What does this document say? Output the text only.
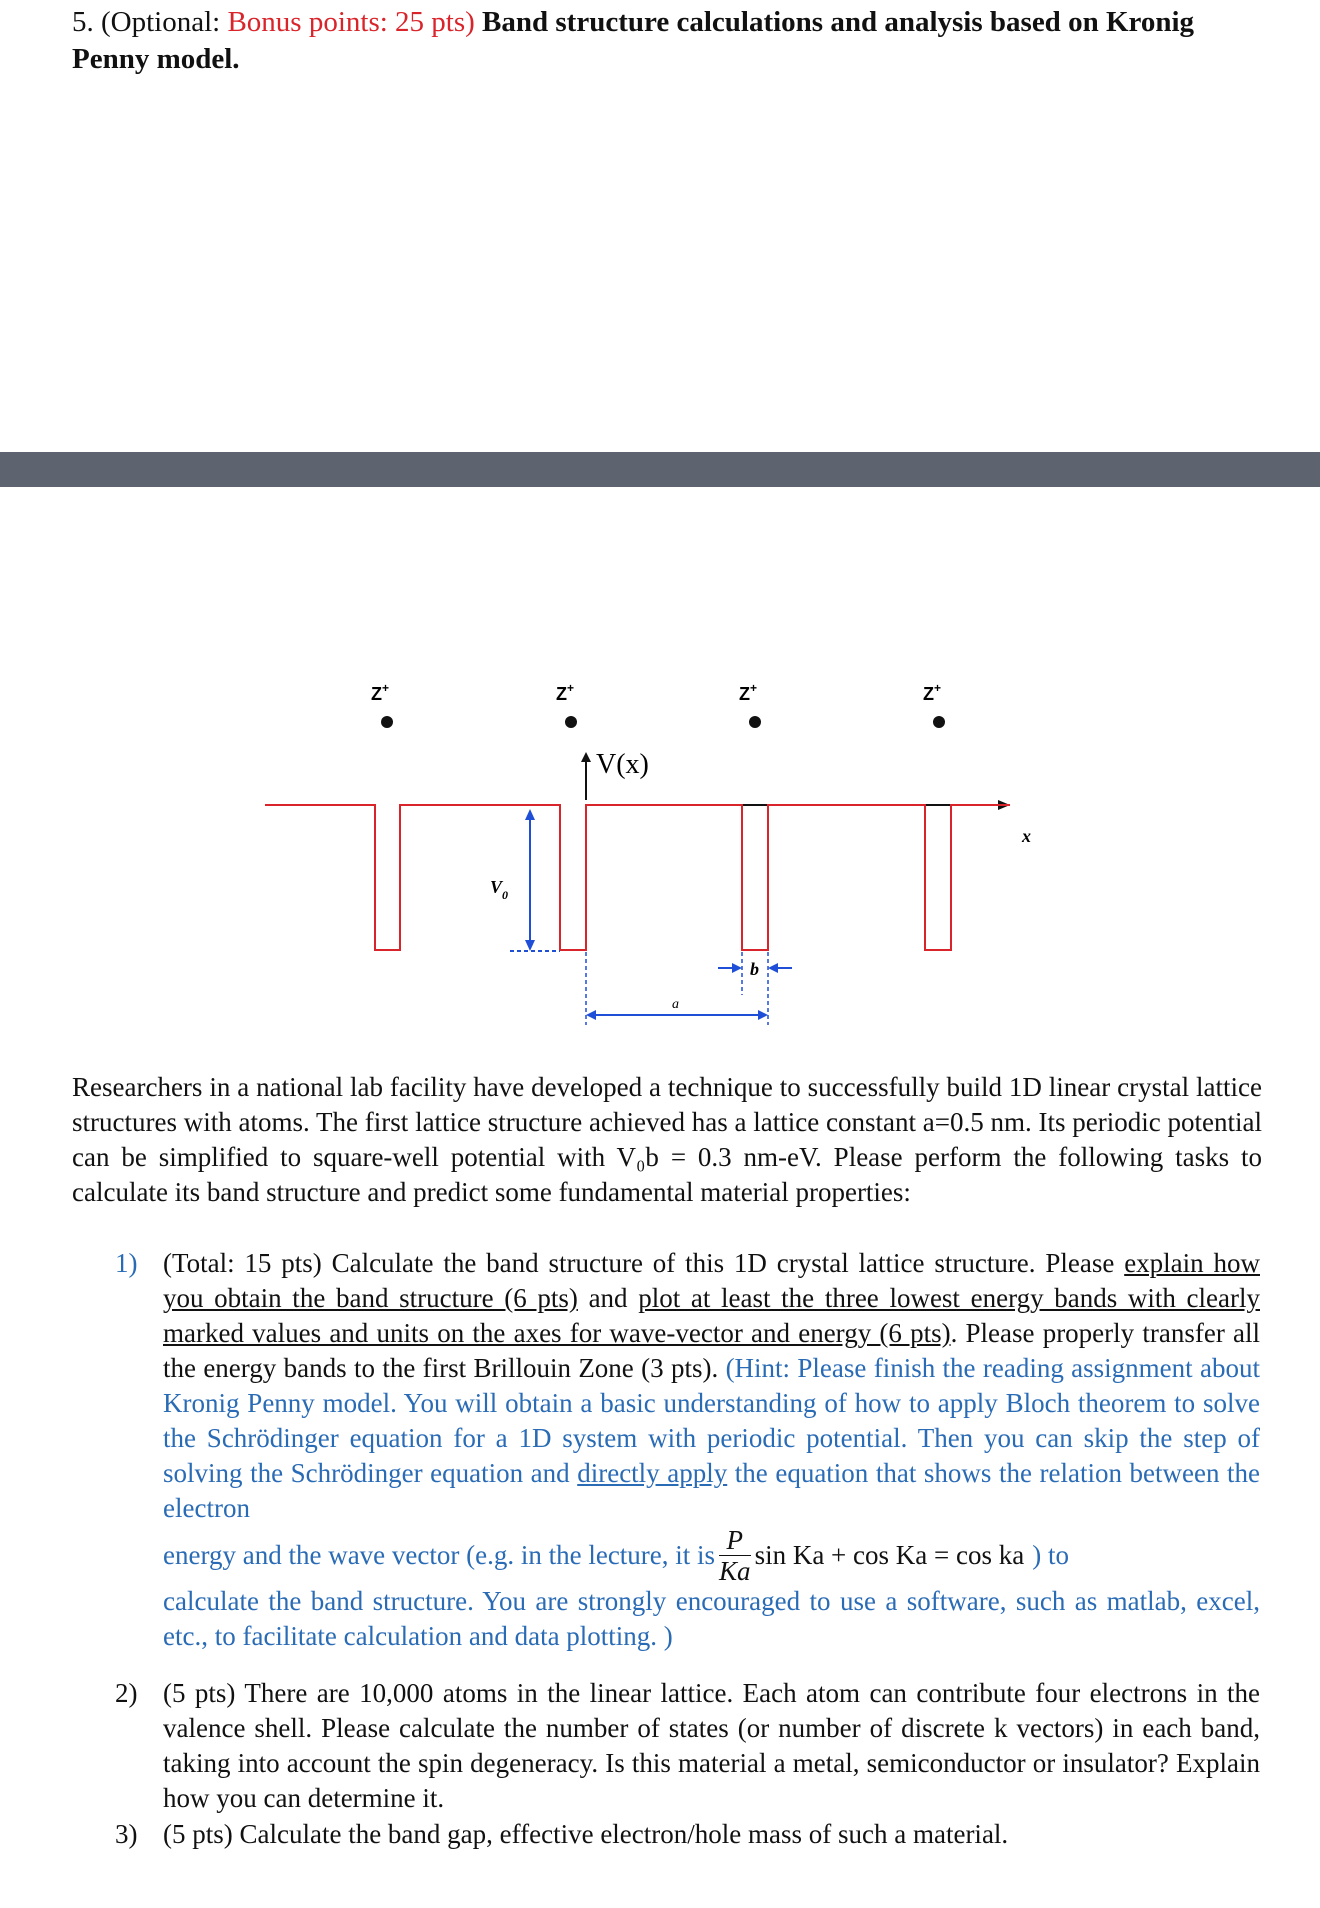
5. (Optional: Bonus points: 25 pts) Band structure calculations and analysis based on Kronig Penny model.
Z+	Z+	Z+	Z+
V(x)
x
$V_0$
b
a
Researchers in a national lab facility have developed a technique to successfully build 1D linear crystal lattice structures with atoms. The first lattice structure achieved has a lattice constant a=0.5 nm. Its periodic potential can be simplified to square-well potential with V₀b = 0.3 nm-eV. Please perform the following tasks to calculate its band structure and predict some fundamental material properties:
1) (Total: 15 pts) Calculate the band structure of this 1D crystal lattice structure. Please explain how you obtain the band structure (6 pts) and plot at least the three lowest energy bands with clearly marked values and units on the axes for wave-vector and energy (6 pts). Please properly transfer all the energy bands to the first Brillouin Zone (3 pts). (Hint: Please finish the reading assignment about Kronig Penny model. You will obtain a basic understanding of how to apply Bloch theorem to solve the Schrödinger equation for a 1D system with periodic potential. Then you can skip the step of solving the Schrödinger equation and directly apply the equation that shows the relation between the electron
energy and the wave vector (e.g. in the lecture, it is $\frac{P}{Ka}$ sin Ka + cos Ka = cos ka ) to
calculate the band structure. You are strongly encouraged to use a software, such as matlab, excel, etc., to facilitate calculation and data plotting. )
2) (5 pts) There are 10,000 atoms in the linear lattice. Each atom can contribute four electrons in the valence shell. Please calculate the number of states (or number of discrete k vectors) in each band, taking into account the spin degeneracy. Is this material a metal, semiconductor or insulator? Explain how you can determine it.
3) (5 pts) Calculate the band gap, effective electron/hole mass of such a material.
